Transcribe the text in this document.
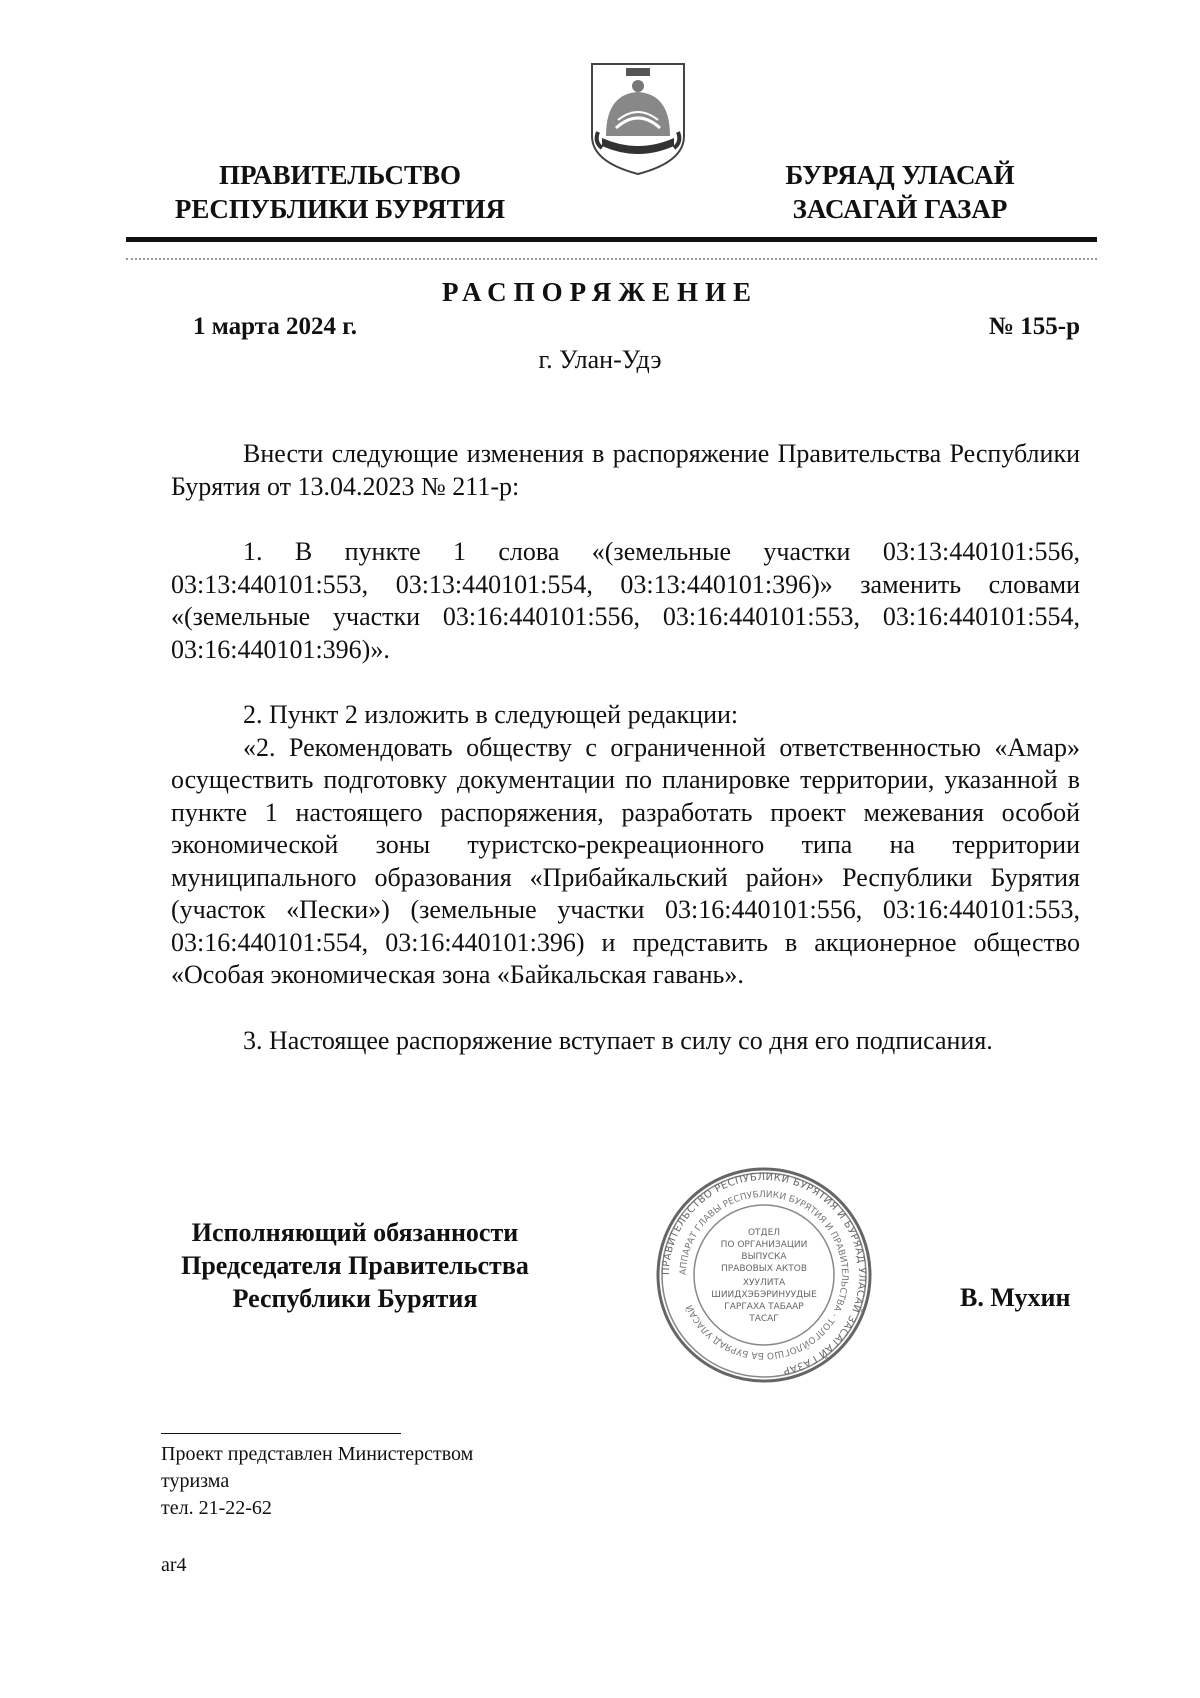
ПРАВИТЕЛЬСТВО
РЕСПУБЛИКИ БУРЯТИЯ
БУРЯАД УЛАСАЙ
ЗАСАГАЙ ГАЗАР
РАСПОРЯЖЕНИЕ
1 марта 2024 г.	№ 155-р
г. Улан-Удэ

Внести следующие изменения в распоряжение Правительства Республики Бурятия от 13.04.2023 № 211-р:

1. В пункте 1 слова «(земельные участки 03:13:440101:556, 03:13:440101:553, 03:13:440101:554, 03:13:440101:396)» заменить словами «(земельные участки 03:16:440101:556, 03:16:440101:553, 03:16:440101:554, 03:16:440101:396)».

2. Пункт 2 изложить в следующей редакции:

«2. Рекомендовать обществу с ограниченной ответственностью «Амар» осуществить подготовку документации по планировке территории, указанной в пункте 1 настоящего распоряжения, разработать проект межевания особой экономической зоны туристско-рекреационного типа на территории муниципального образования «Прибайкальский район» Республики Бурятия (участок «Пески») (земельные участки 03:16:440101:556, 03:16:440101:553, 03:16:440101:554, 03:16:440101:396) и представить в акционерное общество «Особая экономическая зона «Байкальская гавань».

3. Настоящее распоряжение вступает в силу со дня его подписания.

Исполняющий обязанности
Председателя Правительства
Республики Бурятия
ПРАВИТЕЛЬСТВО РЕСПУБЛИКИ БУРЯТИЯ И БУРЯАД УЛАСАЙ ЗАСАГАЙ ГАЗАР
АППАРАТ ГЛАВЫ РЕСПУБЛИКИ БУРЯТИЯ И ПРАВИТЕЛЬСТВА · ТОЛГОЙЛОГШО БА БУРЯАД УЛАСАЙ
ОТДЕЛ
ПО ОРГАНИЗАЦИИ
ВЫПУСКА
ПРАВОВЫХ АКТОВ
ХУУЛИТА
ШИИДХЭБЭРИНУУДЫЕ
ГАРГАХА ТАБААР
ТАСАГ
В. Мухин
Проект представлен Министерством
туризма
тел. 21-22-62
ar4
